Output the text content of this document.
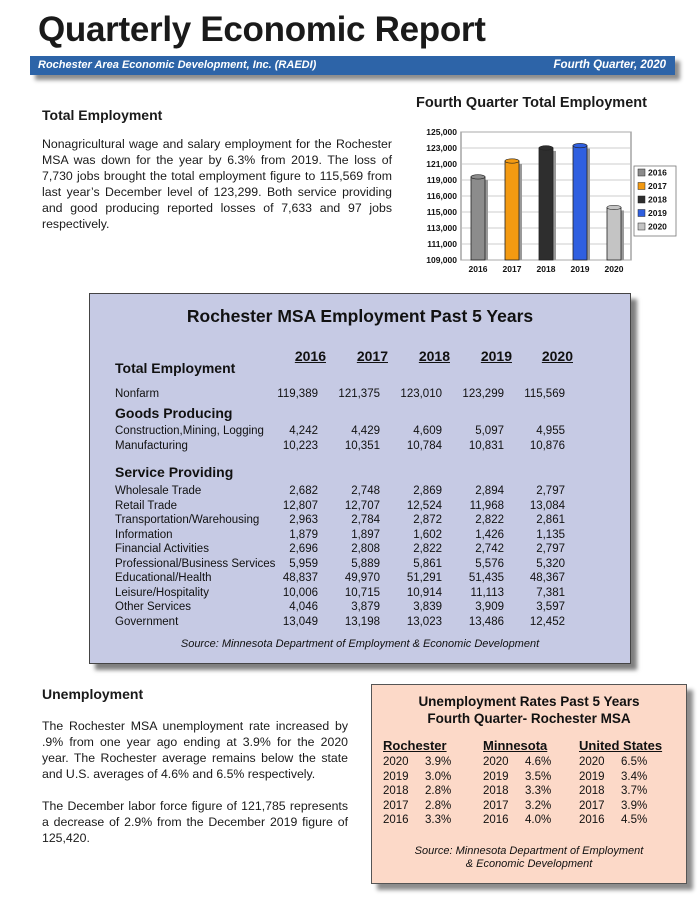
Quarterly Economic Report
Rochester Area Economic Development, Inc. (RAEDI)	Fourth Quarter, 2020
Total Employment
Nonagricultural wage and salary employment for the Rochester MSA was down for the year by 6.3% from 2019. The loss of 7,730 jobs brought the total employment figure to 115,569 from last year’s December level of 123,299. Both service providing and good producing reported losses of 7,633 and 97 jobs respectively.
Fourth Quarter Total Employment
109,000
111,000
113,000
115,000
116,000
119,000
121,000
123,000
125,000
2016 2017 2018 2019 2020
2016
2017
2018
2019
2020
Rochester MSA Employment Past 5 Years
2016	2017	2018	2019	2020
Source: Minnesota Department of Employment & Economic Development
Total Employment
Nonfarm	119,389	121,375	123,010	123,299	115,569
Goods Producing
Construction,Mining, Logging	4,242	4,429	4,609	5,097	4,955
Manufacturing	10,223	10,351	10,784	10,831	10,876
Service Providing
Wholesale Trade	2,682	2,748	2,869	2,894	2,797
Retail Trade	12,807	12,707	12,524	11,968	13,084
Transportation/Warehousing	2,963	2,784	2,872	2,822	2,861
Information	1,879	1,897	1,602	1,426	1,135
Financial Activities	2,696	2,808	2,822	2,742	2,797
Professional/Business Services	5,959	5,889	5,861	5,576	5,320
Educational/Health	48,837	49,970	51,291	51,435	48,367
Leisure/Hospitality	10,006	10,715	10,914	11,113	7,381
Other Services	4,046	3,879	3,839	3,909	3,597
Government	13,049	13,198	13,023	13,486	12,452
Unemployment
The Rochester MSA unemployment rate increased by .9% from one year ago ending at 3.9% for the 2020 year. The Rochester average remains below the state and U.S. averages of 4.6% and 6.5% respectively.
The December labor force figure of 121,785 represents a decrease of 2.9% from the December 2019 figure of 125,420.
Unemployment Rates Past 5 Years
Fourth Quarter- Rochester MSA
Source: Minnesota Department of Employment
& Economic Development
Rochester
2020 3.9%
2019 3.0%
2018 2.8%
2017 2.8%
2016 3.3%
Minnesota
2020 4.6%
2019 3.5%
2018 3.3%
2017 3.2%
2016 4.0%
United States
2020 6.5%
2019 3.4%
2018 3.7%
2017 3.9%
2016 4.5%
